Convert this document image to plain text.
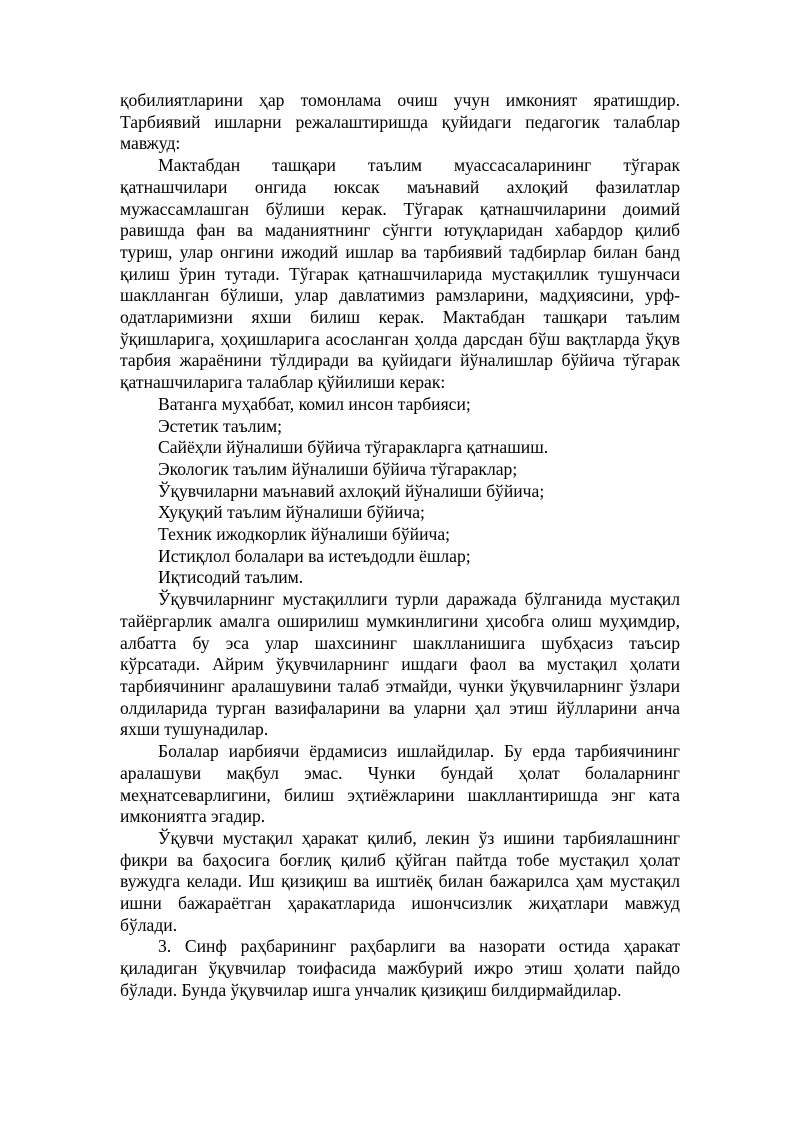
қобилиятларини ҳар томонлама очиш учун имконият яратишдир. Тарбиявий ишларни режалаштиришда қуйидаги педагогик талаблар мавжуд:

Мактабдан ташқари таълим муассасаларининг тўгарак қатнашчилари онгида юксак маънавий ахлоқий фазилатлар мужассамлашган бўлиши керак. Тўгарак қатнашчиларини доимий равишда фан ва маданиятнинг сўнгги ютуқларидан хабардор қилиб туриш, улар онгини ижодий ишлар ва тарбиявий тадбирлар билан банд қилиш ўрин тутади. Тўгарак қатнашчиларида мустақиллик тушунчаси шаклланган бўлиши, улар давлатимиз рамзларини, мадҳиясини, урф-одатларимизни яхши билиш керак. Мактабдан ташқари таълим ўқишларига, ҳоҳишларига асосланган ҳолда дарсдан бўш вақтларда ўқув тарбия жараёнини тўлдиради ва қуйидаги йўналишлар бўйича тўгарак қатнашчиларига талаблар қўйилиши керак:

Ватанга муҳаббат, комил инсон тарбияси;

Эстетик таълим;

Сайёҳли йўналиши бўйича тўгаракларга қатнашиш.

Экологик таълим йўналиши бўйича тўгараклар;

Ўқувчиларни маънавий ахлоқий йўналиши бўйича;

Хуқуқий таълим йўналиши бўйича;

Техник ижодкорлик йўналиши бўйича;

Истиқлол болалари ва истеъдодли ёшлар;

Иқтисодий таълим.

Ўқувчиларнинг мустақиллиги турли даражада бўлганида мустақил тайёргарлик амалга оширилиш мумкинлигини ҳисобга олиш муҳимдир, албатта бу эса улар шахсининг шаклланишига шубҳасиз таъсир кўрсатади. Айрим ўқувчиларнинг ишдаги фаол ва мустақил ҳолати тарбиячининг аралашувини талаб этмайди, чунки ўқувчиларнинг ўзлари олдиларида турган вазифаларини ва уларни ҳал этиш йўлларини анча яхши тушунадилар.

Болалар иарбиячи ёрдамисиз ишлайдилар. Бу ерда тарбиячининг аралашуви мақбул эмас. Чунки бундай ҳолат болаларнинг меҳнатсеварлигини, билиш эҳтиёжларини шакллантиришда энг ката имкониятга эгадир.

Ўқувчи мустақил ҳаракат қилиб, лекин ўз ишини тарбиялашнинг фикри ва баҳосига боғлиқ қилиб қўйган пайтда тобе мустақил ҳолат вужудга келади. Иш қизиқиш ва иштиёқ билан бажарилса ҳам мустақил ишни бажараётган ҳаракатларида ишончсизлик жиҳатлари мавжуд бўлади.

3. Синф раҳбарининг раҳбарлиги ва назорати остида ҳаракат қиладиган ўқувчилар тоифасида мажбурий ижро этиш ҳолати пайдо бўлади. Бунда ўқувчилар ишга унчалик қизиқиш билдирмайдилар.
